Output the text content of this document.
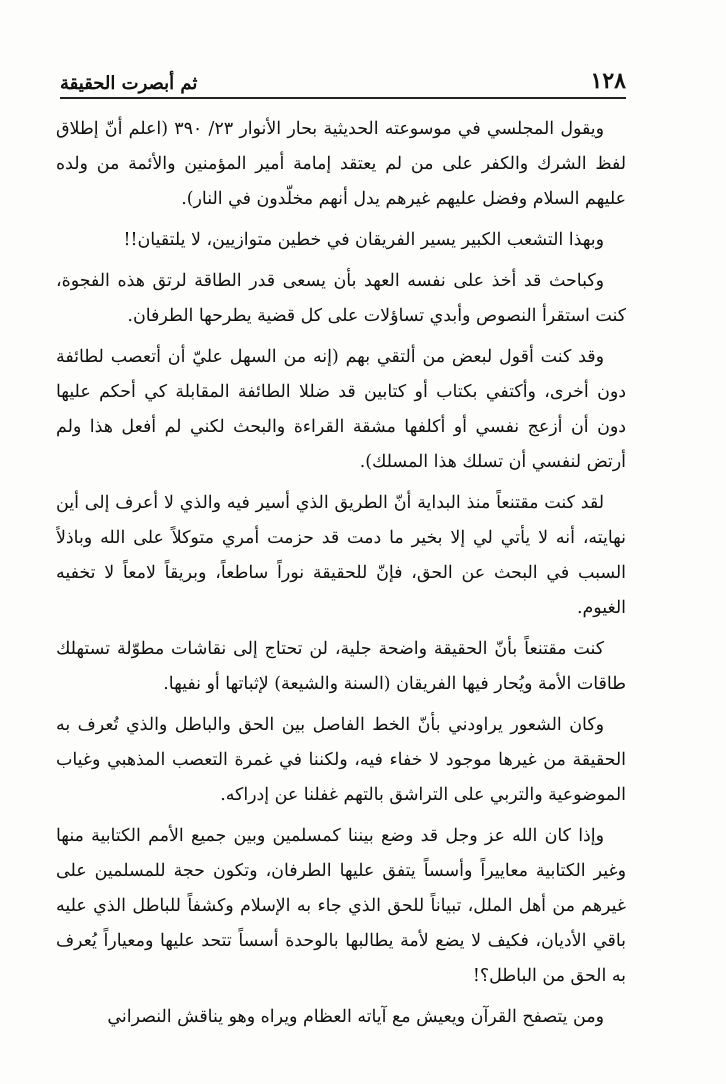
١٢٨
ثم أبصرت الحقيقة

ويقول المجلسي في موسوعته الحديثية بحار الأنوار ٢٣/ ٣٩٠ (اعلم أنّ إطلاق لفظ الشرك والكفر على من لم يعتقد إمامة أمير المؤمنين والأئمة من ولده عليهم السلام وفضل عليهم غيرهم يدل أنهم مخلّدون في النار).

وبهذا التشعب الكبير يسير الفريقان في خطين متوازيين، لا يلتقيان!!

وكباحث قد أخذ على نفسه العهد بأن يسعى قدر الطاقة لرتق هذه الفجوة، كنت استقرأ النصوص وأبدي تساؤلات على كل قضية يطرحها الطرفان.

وقد كنت أقول لبعض من ألتقي بهم (إنه من السهل عليّ أن أتعصب لطائفة دون أخرى، وأكتفي بكتاب أو كتابين قد ضللا الطائفة المقابلة كي أحكم عليها دون أن أزعج نفسي أو أكلفها مشقة القراءة والبحث لكني لم أفعل هذا ولم أرتض لنفسي أن تسلك هذا المسلك).

لقد كنت مقتنعاً منذ البداية أنّ الطريق الذي أسير فيه والذي لا أعرف إلى أين نهايته، أنه لا يأتي لي إلا بخير ما دمت قد حزمت أمري متوكلاً على الله وباذلاً السبب في البحث عن الحق، فإنّ للحقيقة نوراً ساطعاً، وبريقاً لامعاً لا تخفيه الغيوم.

كنت مقتنعاً بأنّ الحقيقة واضحة جلية، لن تحتاج إلى نقاشات مطوّلة تستهلك طاقات الأمة ويُحار فيها الفريقان (السنة والشيعة) لإثباتها أو نفيها.

وكان الشعور يراودني بأنّ الخط الفاصل بين الحق والباطل والذي تُعرف به الحقيقة من غيرها موجود لا خفاء فيه، ولكننا في غمرة التعصب المذهبي وغياب الموضوعية والتربي على التراشق بالتهم غفلنا عن إدراكه.

وإذا كان الله عز وجل قد وضع بيننا كمسلمين وبين جميع الأمم الكتابية منها وغير الكتابية معاييراً وأسساً يتفق عليها الطرفان، وتكون حجة للمسلمين على غيرهم من أهل الملل، تبياناً للحق الذي جاء به الإسلام وكشفاً للباطل الذي عليه باقي الأديان، فكيف لا يضع لأمة يطالبها بالوحدة أسساً تتحد عليها ومعياراً يُعرف به الحق من الباطل؟!

ومن يتصفح القرآن ويعيش مع آياته العظام ويراه وهو يناقش النصراني
